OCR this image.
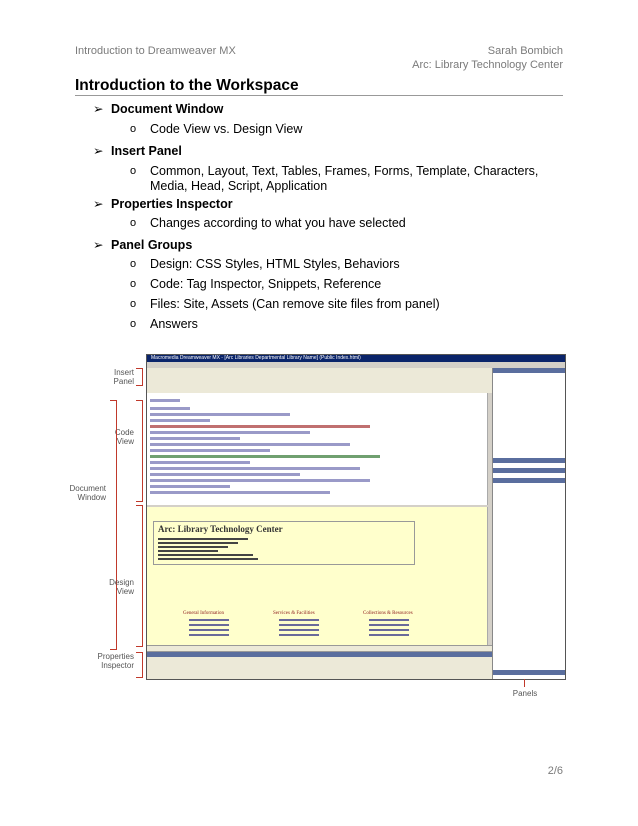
Introduction to Dreamweaver MX	Sarah Bombich
Arc: Library Technology Center
Introduction to the Workspace
➢ Document Window
o Code View vs. Design View
➢ Insert Panel
o Common, Layout, Text, Tables, Frames, Forms, Template, Characters, Media, Head, Script, Application
➢ Properties Inspector
o Changes according to what you have selected
➢ Panel Groups
o Design: CSS Styles, HTML Styles, Behaviors
o Code: Tag Inspector, Snippets, Reference
o Files: Site, Assets (Can remove site files from panel)
o Answers
Macromedia Dreamweaver MX - [Arc Libraries Departmental Library Name] (Public Index.html)
Arc: Library Technology Center
General Information	Services & Facilities	Collections & Resources
Insert Panel
Code View
Document Window
Design View
Properties Inspector
Panels
2/6
